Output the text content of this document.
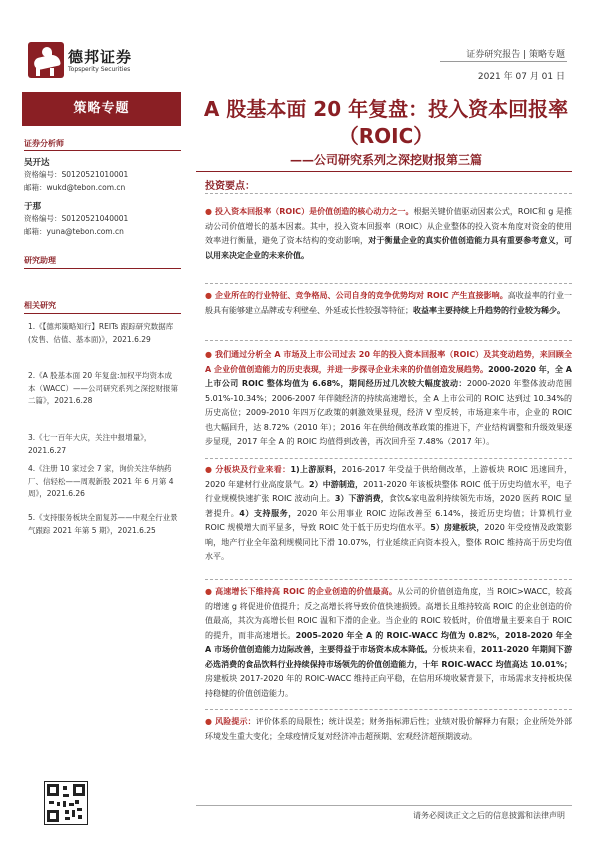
德邦证券
Topsperity Securities
证券研究报告 | 策略专题
2021 年 07 月 01 日
策略专题
证券分析师
吴开达
资格编号：S0120521010001
邮箱：wukd@tebon.com.cn
于那
资格编号：S0120521040001
邮箱：yuna@tebon.com.cn
研究助理
相关研究
1.《【德邦策略知行】REITs 跟踪研究数据库(发售、估值、基本面)》，2021.6.29
2.《A 股基本面 20 年复盘:加权平均资本成本（WACC）——公司研究系列之深挖财报第二篇》，2021.6.28
3.《七一百年大庆，关注中报增量》，2021.6.27
4.《注册 10 家过会 7 家，询价关注华纳药厂、信轻松——周观新股 2021 年 6 月第 4 周》，2021.6.26
5.《支持服务板块全面复苏——中观全行业景气跟踪 2021 年第 5 期》，2021.6.25
A 股基本面 20 年复盘：投入资本回报率（ROIC）
——公司研究系列之深挖财报第三篇
投资要点：
● 投入资本回报率（ROIC）是价值创造的核心动力之一。根据关键价值驱动因素公式，ROIC和 g 是推动公司价值增长的基本因素。其中，投入资本回报率（ROIC）从企业整体的投入资本角度对资金的使用效率进行衡量，避免了资本结构的变动影响，对于衡量企业的真实价值创造能力具有重要参考意义，可以用来决定企业的未来价值。
● 企业所在的行业特征、竞争格局、公司自身的竞争优势均对 ROIC 产生直接影响。高收益率的行业一般具有能够建立品牌或专利壁垒、外延或长性较强等特征；收益率主要持续上升趋势的行业较为稀少。
● 我们通过分析全 A 市场及上市公司过去 20 年的投入资本回报率（ROIC）及其变动趋势，来回顾全 A 企业价值创造能力的历史表现，并进一步探寻企业未来的价值创造发展趋势。2000-2020 年，全 A 上市公司 ROIC 整体均值为 6.68%，期间经历过几次较大幅度波动：2000-2020 年整体波动范围 5.01%-10.34%；2006-2007 年伴随经济的持续高速增长，全 A 上市公司的 ROIC 达到过 10.34%的历史高位；2009-2010 年四万亿政策的刺激效果显现，经济 V 型反转，市场迎来牛市，企业的 ROIC 也大幅回升，达 8.72%（2010 年）；2016 年在供给侧改革政策的推进下，产业结构调整和升级效果逐步显现，2017 年全 A 的 ROIC 均值得到改善，再次回升至 7.48%（2017 年）。
● 分板块及行业来看：1)上游原料，2016-2017 年受益于供给侧改革，上游板块 ROIC 迅速回升，2020 年建材行业高度景气。2）中游制造，2011-2020 年该板块整体 ROIC 低于历史均值水平，电子行业规模快速扩张 ROIC 波动向上。3）下游消费，食饮&家电盈利持续领先市场，2020 医药 ROIC 显著提升。4）支持服务，2020 年公用事业 ROIC 边际改善至 6.14%，接近历史均值；计算机行业 ROIC 规模增大而平显多，导致 ROIC 处于低于历史均值水平。5）房建板块，2020 年受疫情及政策影响，地产行业全年盈利规模同比下滑 10.07%，行业延续正向资本投入，整体 ROIC 维持高于历史均值水平。
● 高速增长下维持高 ROIC 的企业创造的价值最高。从公司的价值创造角度，当 ROIC>WACC，较高的增速 g 将促进价值提升；反之高增长将导致价值快速损毁。高增长且维持较高 ROIC 的企业创造的价值最高，其次为高增长但 ROIC 温和下滑的企业。当企业的 ROIC 较低时，价值增量主要来自于 ROIC 的提升，而非高速增长。2005-2020 年全 A 的 ROIC-WACC 均值为 0.82%，2018-2020 年全 A 市场价值创造能力边际改善，主要得益于市场资本成本降低。分板块来看，2011-2020 年期间下游必选消费的食品饮料行业持续保持市场领先的价值创造能力，十年 ROIC-WACC 均值高达 10.01%；房建板块 2017-2020 年的 ROIC-WACC 维持正向平稳，在信用环境收紧背景下，市场需求支持板块保持稳健的价值创造能力。
● 风险提示：评价体系的局限性；统计误差；财务指标滞后性；业绩对股价解释力有限；企业所处外部环境发生重大变化；全球疫情反复对经济冲击超预期、宏观经济超预期波动。
请务必阅读正文之后的信息披露和法律声明
